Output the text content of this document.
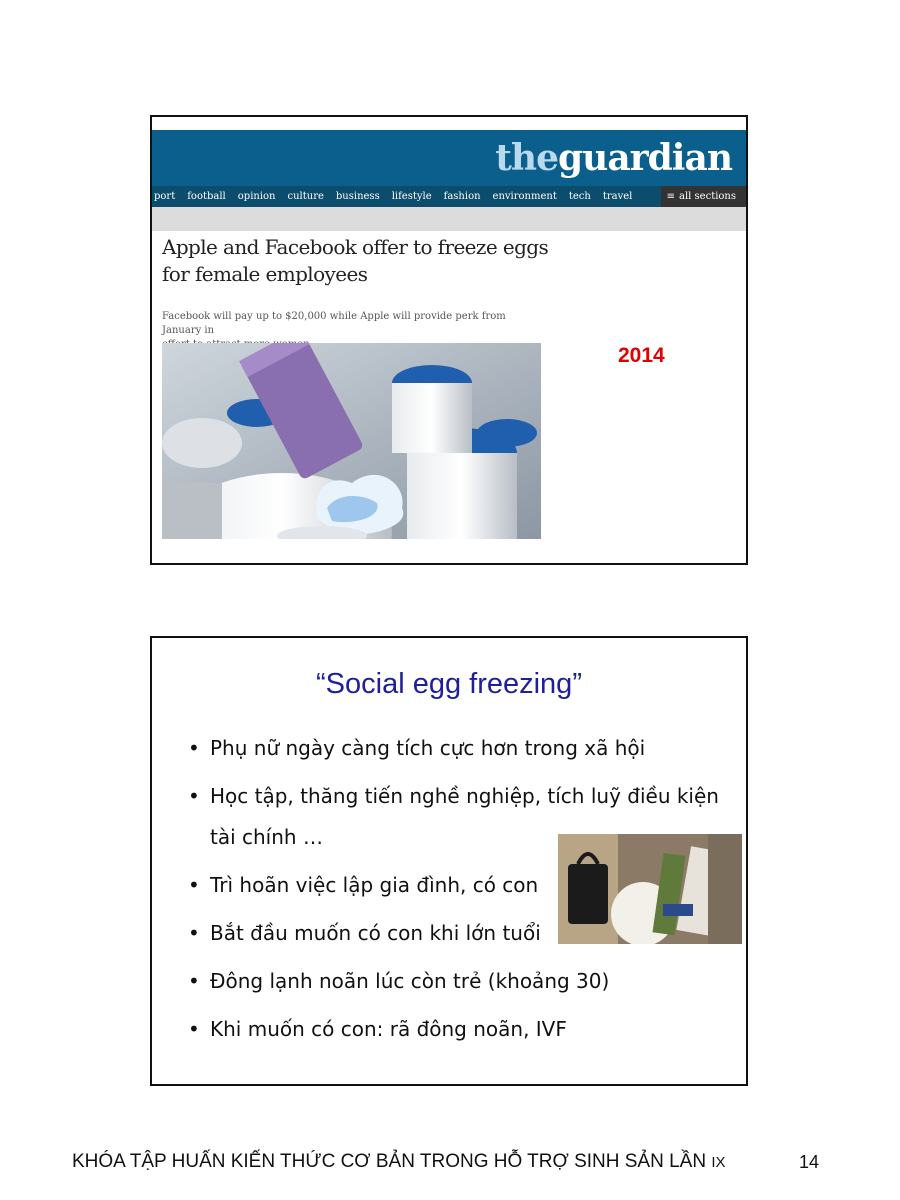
theguardian
port football opinion culture business lifestyle fashion environment tech travel	≡ all sections
Apple and Facebook offer to freeze eggs
for female employees
Facebook will pay up to $20,000 while Apple will provide perk from January in
2014
“Social egg freezing”
• Phụ nữ ngày càng tích cực hơn trong xã hội
• Học tập, thăng tiến nghề nghiệp, tích luỹ điều kiện tài chính …
• Trì hoãn việc lập gia đình, có con
• Bắt đầu muốn có con khi lớn tuổi
• Đông lạnh noãn lúc còn trẻ (khoảng 30)
• Khi muốn có con: rã đông noãn, IVF
KHÓA TẬP HUẤN KIẾN THỨC CƠ BẢN TRONG HỖ TRỢ SINH SẢN LẦN IX	14
